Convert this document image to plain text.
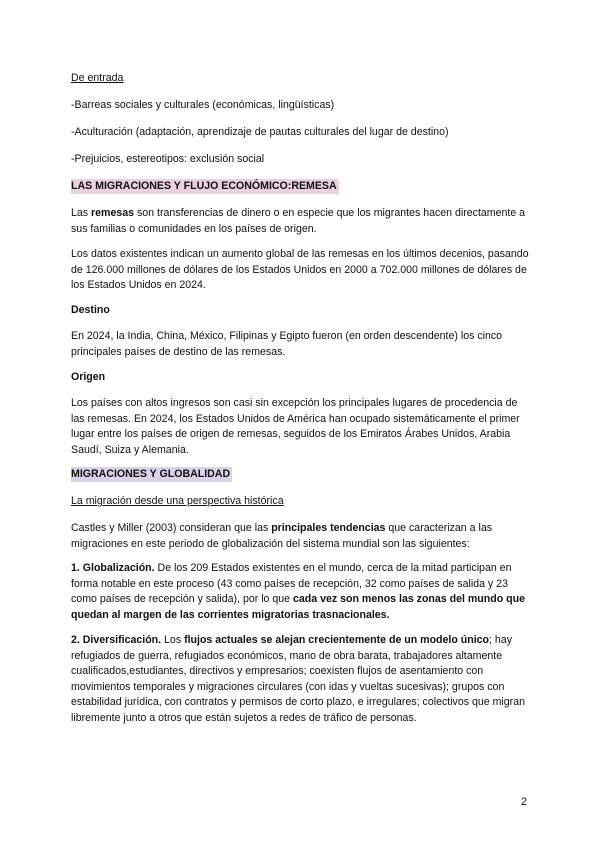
De entrada

-Barreas sociales y culturales (económicas, lingüísticas)

-Aculturación (adaptación, aprendizaje de pautas culturales del lugar de destino)

-Prejuicios, estereotipos: exclusión social

LAS MIGRACIONES Y FLUJO ECONÓMICO:REMESA

Las remesas son transferencias de dinero o en especie que los migrantes hacen directamente a sus familias o comunidades en los países de origen.

Los datos existentes indican un aumento global de las remesas en los últimos decenios, pasando de 126.000 millones de dólares de los Estados Unidos en 2000 a 702.000 millones de dólares de los Estados Unidos en 2024.

Destino

En 2024, la India, China, México, Filipinas y Egipto fueron (en orden descendente) los cinco principales países de destino de las remesas.

Origen

Los países con altos ingresos son casi sin excepción los principales lugares de procedencia de las remesas. En 2024, los Estados Unidos de América han ocupado sistemáticamente el primer lugar entre los países de origen de remesas, seguidos de los Emiratos Árabes Unidos, Arabia Saudí, Suiza y Alemania.

MIGRACIONES Y GLOBALIDAD

La migración desde una perspectiva histórica

Castles y Miller (2003) consideran que las principales tendencias que caracterizan a las migraciones en este periodo de globalización del sistema mundial son las siguientes:

1. Globalización. De los 209 Estados existentes en el mundo, cerca de la mitad participan en forma notable en este proceso (43 como países de recepción, 32 como países de salida y 23 como países de recepción y salida), por lo que cada vez son menos las zonas del mundo que quedan al margen de las corrientes migratorias trasnacionales.

2. Diversificación. Los flujos actuales se alejan crecientemente de un modelo único; hay refugiados de guerra, refugiados económicos, mano de obra barata, trabajadores altamente cualificados,estudiantes, directivos y empresarios; coexisten flujos de asentamiento con movimientos temporales y migraciones circulares (con idas y vueltas sucesivas); grupos con estabilidad jurídica, con contratos y permisos de corto plazo, e irregulares; colectivos que migran libremente junto a otros que están sujetos a redes de tráfico de personas.

2
